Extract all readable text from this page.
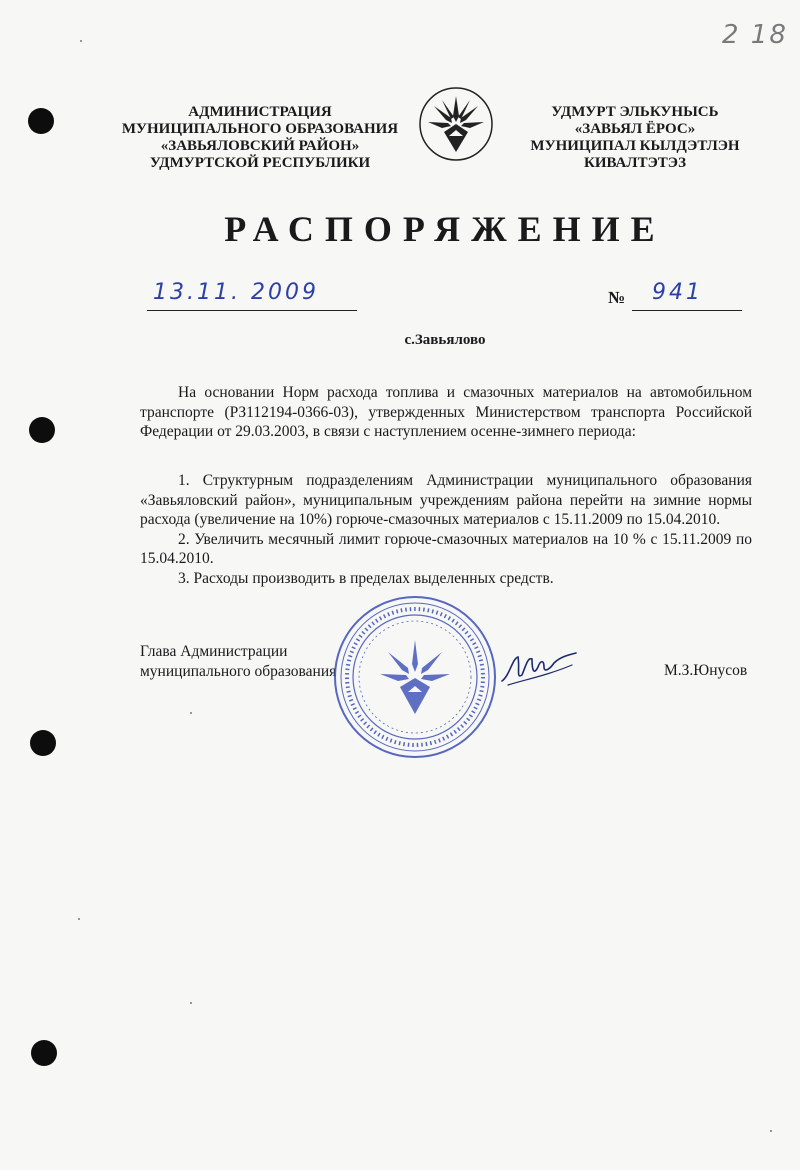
2 18
АДМИНИСТРАЦИЯ
МУНИЦИПАЛЬНОГО ОБРАЗОВАНИЯ
«ЗАВЬЯЛОВСКИЙ РАЙОН»
УДМУРТСКОЙ РЕСПУБЛИКИ
УДМУРТ ЭЛЬКУНЫСЬ
«ЗАВЬЯЛ ЁРОС»
МУНИЦИПАЛ КЫЛДЭТЛЭН
КИВАЛТЭТЭЗ
РАСПОРЯЖЕНИЕ
13.11. 2009	№ 941
с.Завьялово

На основании Норм расхода топлива и смазочных материалов на автомобильном транспорте (РЗ112194-0366-03), утвержденных Министерством транспорта Российской Федерации от 29.03.2003, в связи с наступлением осенне-зимнего периода:

1. Структурным подразделениям Администрации муниципального образования «Завьяловский район», муниципальным учреждениям района перейти на зимние нормы расхода (увеличение на 10%) горюче-смазочных материалов с 15.11.2009 по 15.04.2010.

2. Увеличить месячный лимит горюче-смазочных материалов на 10 % с 15.11.2009 по 15.04.2010.

3. Расходы производить в пределах выделенных средств.

Глава Администрации
муниципального образования	М.З.Юнусов
